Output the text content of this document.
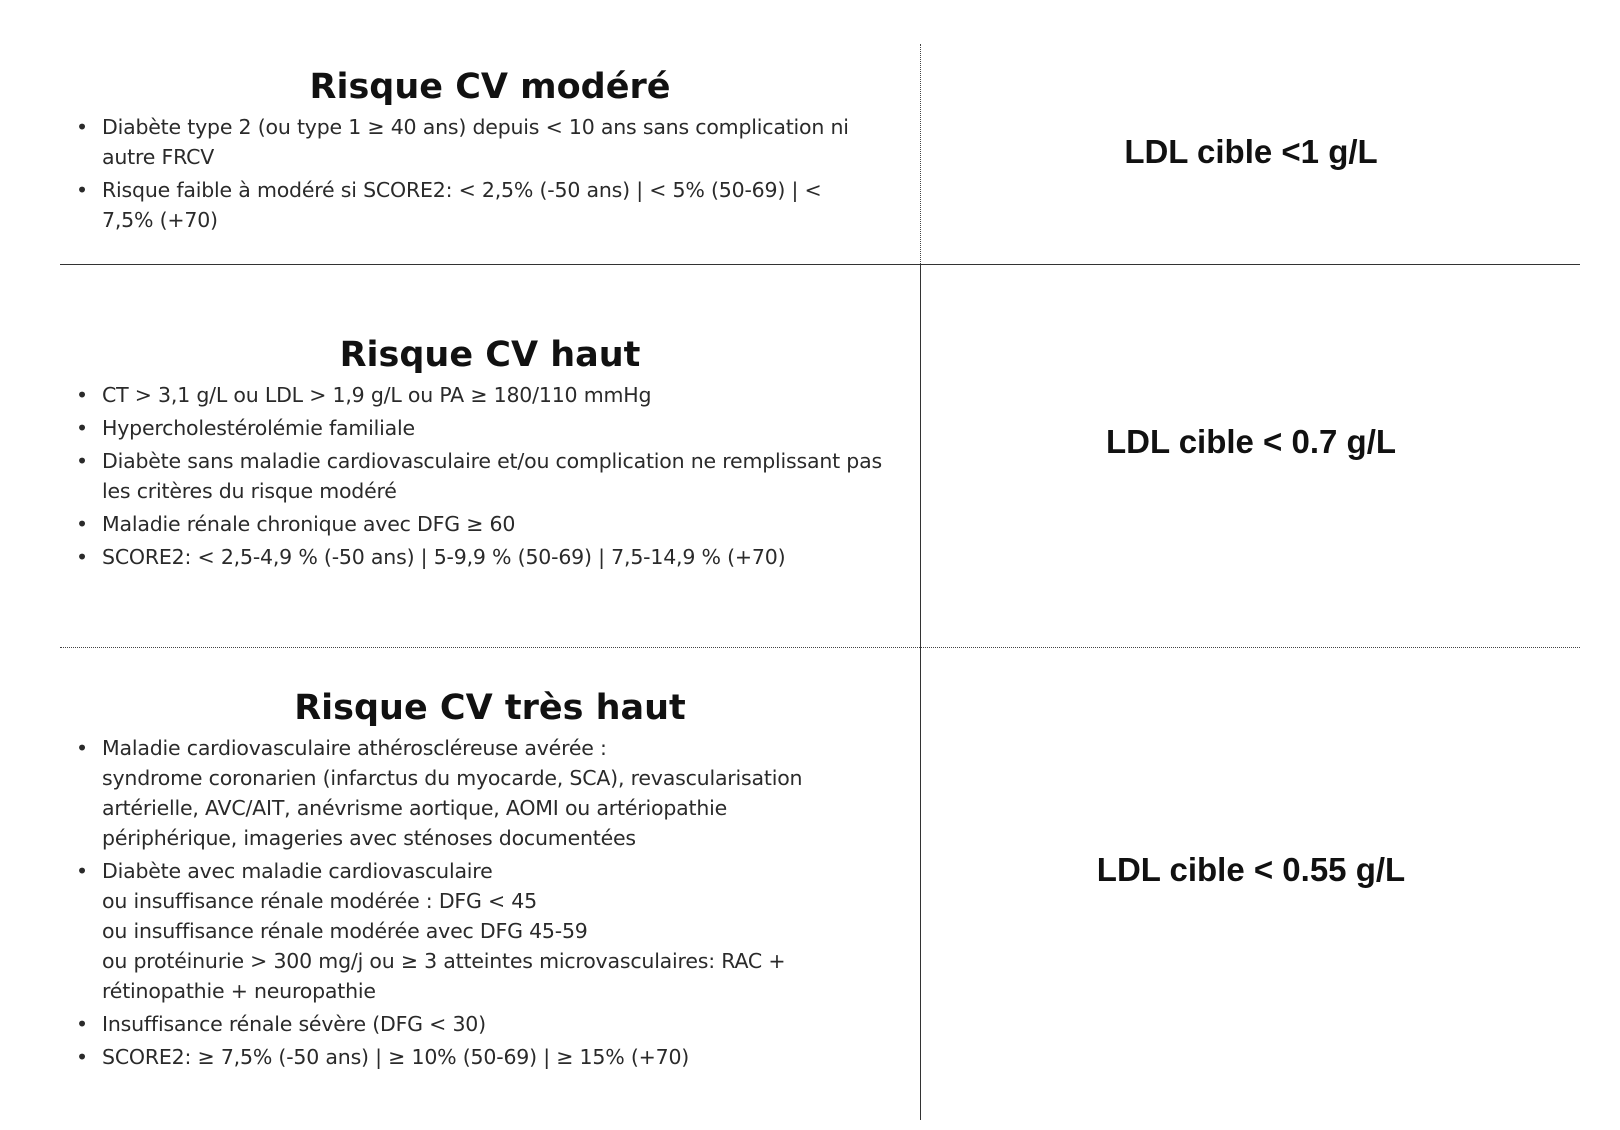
Risque CV modéré
• Diabète type 2 (ou type 1 ≥ 40 ans) depuis < 10 ans sans complication ni
autre FRCV
• Risque faible à modéré si SCORE2: < 2,5% (-50 ans) | < 5% (50-69) | <
7,5% (+70)
LDL cible <1 g/L
Risque CV haut
• CT > 3,1 g/L ou LDL > 1,9 g/L ou PA ≥ 180/110 mmHg
• Hypercholestérolémie familiale
• Diabète sans maladie cardiovasculaire et/ou complication ne remplissant pas
les critères du risque modéré
• Maladie rénale chronique avec DFG ≥ 60
• SCORE2: < 2,5-4,9 % (-50 ans) | 5-9,9 % (50-69) | 7,5-14,9 % (+70)
LDL cible < 0.7 g/L
Risque CV très haut
• Maladie cardiovasculaire athéroscléreuse avérée :
syndrome coronarien (infarctus du myocarde, SCA), revascularisation
artérielle, AVC/AIT, anévrisme aortique, AOMI ou artériopathie
périphérique, imageries avec sténoses documentées
• Diabète avec maladie cardiovasculaire
ou insuffisance rénale modérée : DFG < 45
ou insuffisance rénale modérée avec DFG 45-59
ou protéinurie > 300 mg/j ou ≥ 3 atteintes microvasculaires: RAC +
rétinopathie + neuropathie
• Insuffisance rénale sévère (DFG < 30)
• SCORE2: ≥ 7,5% (-50 ans) | ≥ 10% (50-69) | ≥ 15% (+70)
LDL cible < 0.55 g/L
